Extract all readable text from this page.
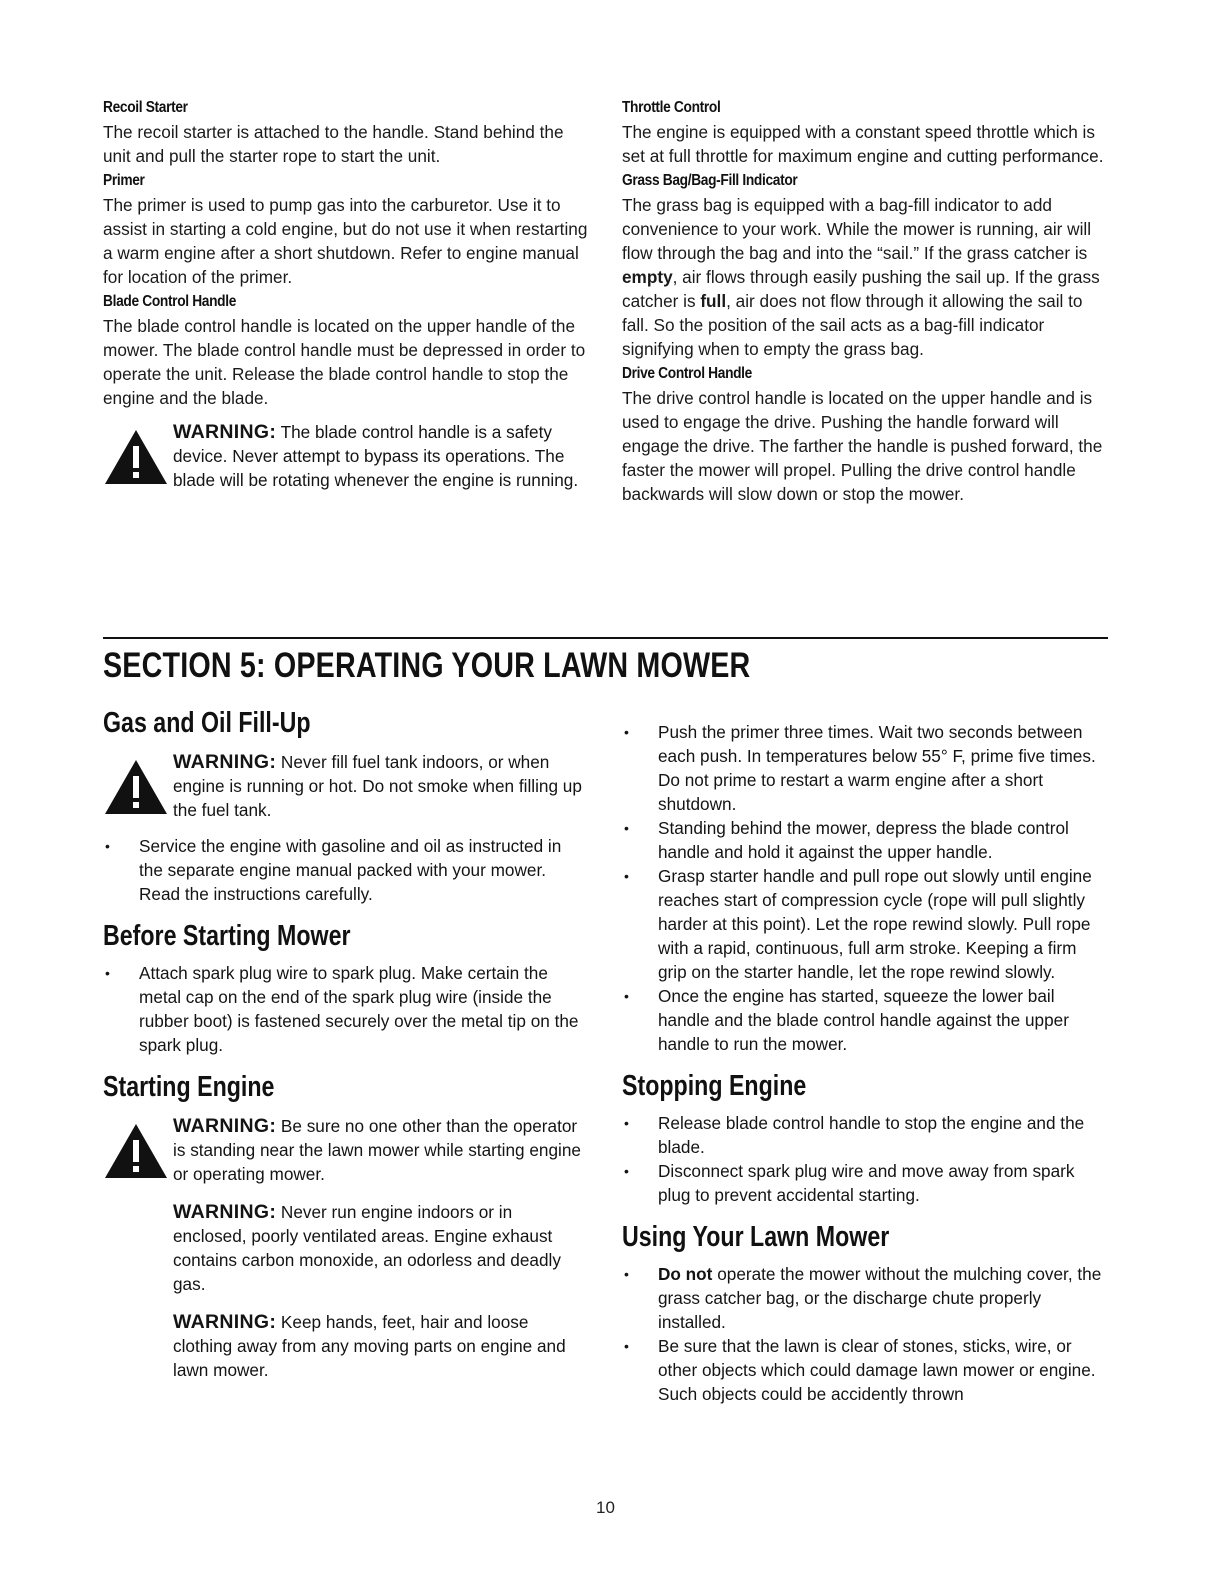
Recoil Starter

The recoil starter is attached to the handle. Stand behind the unit and pull the starter rope to start the unit.

Primer

The primer is used to pump gas into the carburetor. Use it to assist in starting a cold engine, but do not use it when restarting a warm engine after a short shutdown. Refer to engine manual for location of the primer.

Blade Control Handle

The blade control handle is located on the upper handle of the mower. The blade control handle must be depressed in order to operate the unit. Release the blade control handle to stop the engine and the blade.

WARNING: The blade control handle is a safety device. Never attempt to bypass its operations. The blade will be rotating whenever the engine is running.

Throttle Control

The engine is equipped with a constant speed throttle which is set at full throttle for maximum engine and cutting performance.

Grass Bag/Bag-Fill Indicator

The grass bag is equipped with a bag-fill indicator to add convenience to your work. While the mower is running, air will flow through the bag and into the “sail.” If the grass catcher is empty, air flows through easily pushing the sail up. If the grass catcher is full, air does not flow through it allowing the sail to fall. So the position of the sail acts as a bag-fill indicator signifying when to empty the grass bag.

Drive Control Handle

The drive control handle is located on the upper handle and is used to engage the drive. Pushing the handle forward will engage the drive. The farther the handle is pushed forward, the faster the mower will propel. Pulling the drive control handle backwards will slow down or stop the mower.

SECTION 5: OPERATING YOUR LAWN MOWER
Gas and Oil Fill-Up

WARNING: Never fill fuel tank indoors, or when engine is running or hot. Do not smoke when filling up the fuel tank.

• Service the engine with gasoline and oil as instructed in the separate engine manual packed with your mower. Read the instructions carefully.
Before Starting Mower
• Attach spark plug wire to spark plug. Make certain the metal cap on the end of the spark plug wire (inside the rubber boot) is fastened securely over the metal tip on the spark plug.
Starting Engine

WARNING: Be sure no one other than the operator is standing near the lawn mower while starting engine or operating mower.

WARNING: Never run engine indoors or in enclosed, poorly ventilated areas. Engine exhaust contains carbon monoxide, an odorless and deadly gas.

WARNING: Keep hands, feet, hair and loose clothing away from any moving parts on engine and lawn mower.

• Push the primer three times. Wait two seconds between each push. In temperatures below 55° F, prime five times. Do not prime to restart a warm engine after a short shutdown.
• Standing behind the mower, depress the blade control handle and hold it against the upper handle.
• Grasp starter handle and pull rope out slowly until engine reaches start of compression cycle (rope will pull slightly harder at this point). Let the rope rewind slowly. Pull rope with a rapid, continuous, full arm stroke. Keeping a firm grip on the starter handle, let the rope rewind slowly.
• Once the engine has started, squeeze the lower bail handle and the blade control handle against the upper handle to run the mower.
Stopping Engine
• Release blade control handle to stop the engine and the blade.
• Disconnect spark plug wire and move away from spark plug to prevent accidental starting.
Using Your Lawn Mower
• Do not operate the mower without the mulching cover, the grass catcher bag, or the discharge chute properly installed.
• Be sure that the lawn is clear of stones, sticks, wire, or other objects which could damage lawn mower or engine. Such objects could be accidently thrown
10
